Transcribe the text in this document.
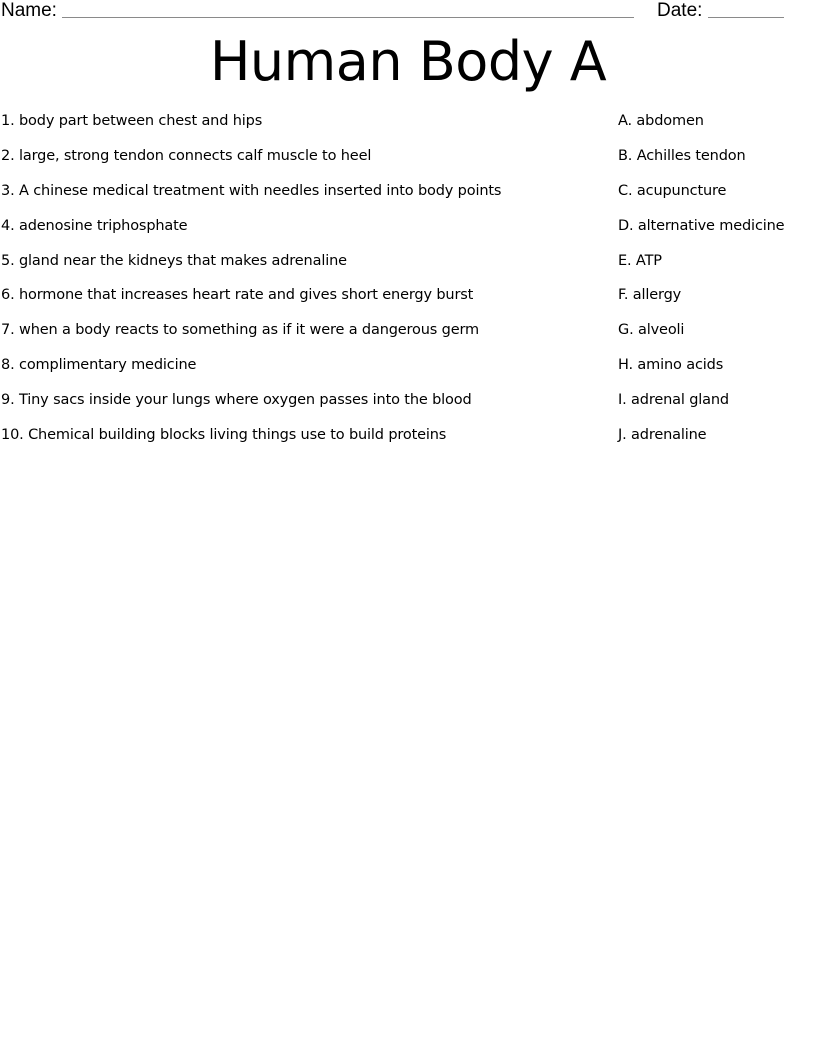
Name:	Date:
Human Body A
1. body part between chest and hips
2. large, strong tendon connects calf muscle to heel
3. A chinese medical treatment with needles inserted into body points
4. adenosine triphosphate
5. gland near the kidneys that makes adrenaline
6. hormone that increases heart rate and gives short energy burst
7. when a body reacts to something as if it were a dangerous germ
8. complimentary medicine
9. Tiny sacs inside your lungs where oxygen passes into the blood
10. Chemical building blocks living things use to build proteins
A. abdomen
B. Achilles tendon
C. acupuncture
D. alternative medicine
E. ATP
F. allergy
G. alveoli
H. amino acids
I. adrenal gland
J. adrenaline
